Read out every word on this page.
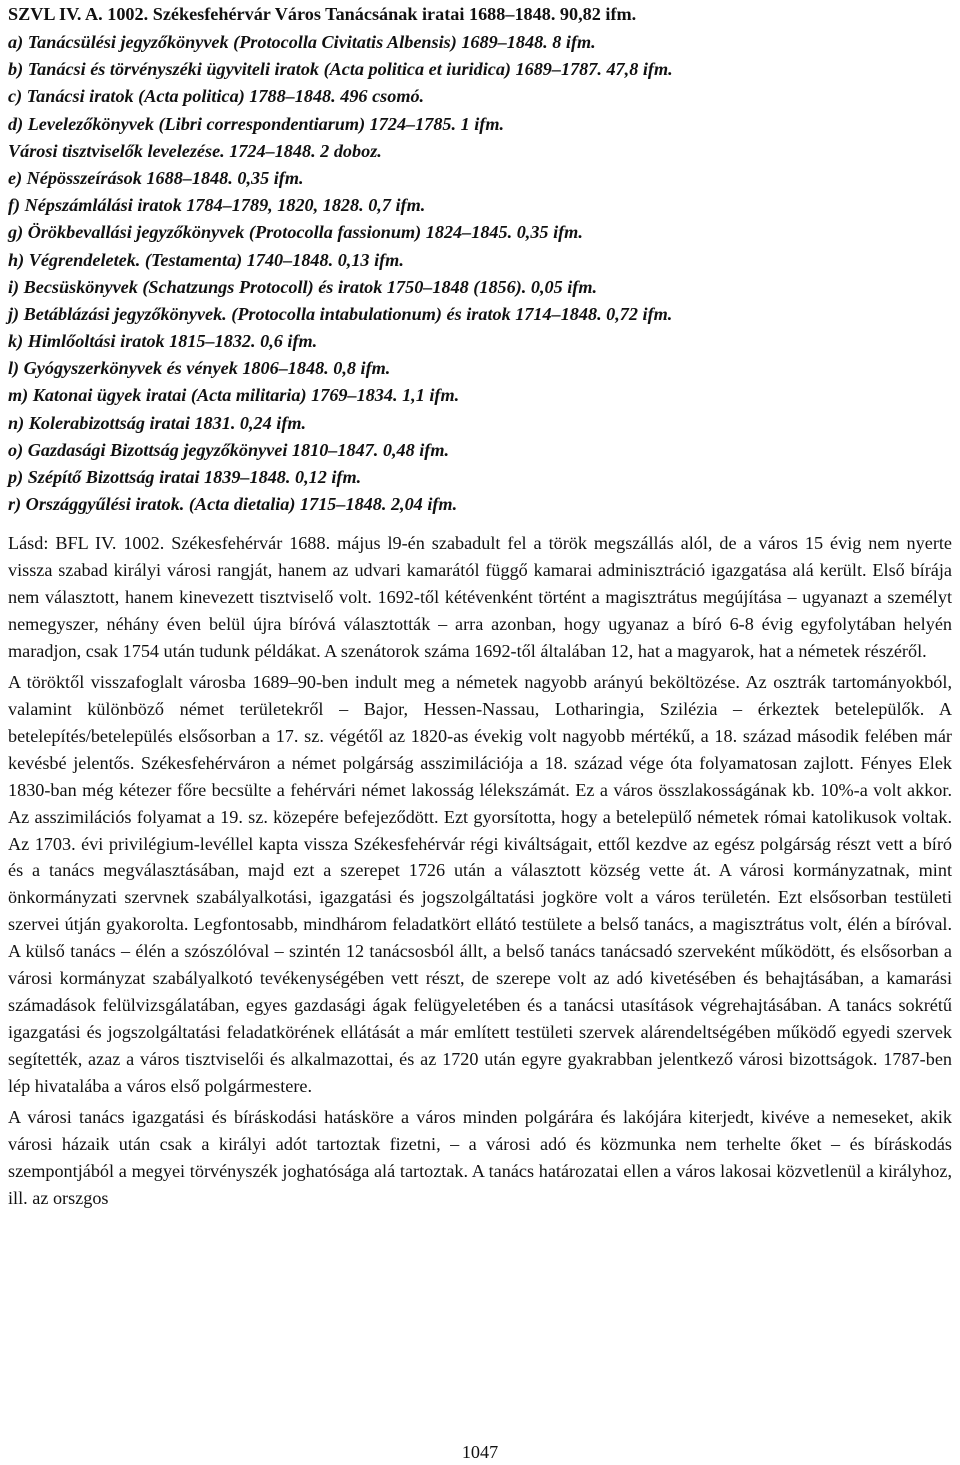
SZVL IV. A. 1002. Székesfehérvár Város Tanácsának iratai 1688–1848. 90,82 ifm.
a) Tanácsülési jegyzőkönyvek (Protocolla Civitatis Albensis) 1689–1848. 8 ifm.
b) Tanácsi és törvényszéki ügyviteli iratok (Acta politica et iuridica) 1689–1787. 47,8 ifm.
c) Tanácsi iratok (Acta politica) 1788–1848. 496 csomó.
d) Levelezőkönyvek (Libri correspondentiarum) 1724–1785. 1 ifm.
Városi tisztviselők levelezése. 1724–1848. 2 doboz.
e) Népösszeírások 1688–1848. 0,35 ifm.
f) Népszámlálási iratok 1784–1789, 1820, 1828. 0,7 ifm.
g) Örökbevallási jegyzőkönyvek (Protocolla fassionum) 1824–1845. 0,35 ifm.
h) Végrendeletek. (Testamenta) 1740–1848. 0,13 ifm.
i) Becsüskönyvek (Schatzungs Protocoll) és iratok 1750–1848 (1856). 0,05 ifm.
j) Betáblázási jegyzőkönyvek. (Protocolla intabulationum) és iratok 1714–1848. 0,72 ifm.
k) Himlőoltási iratok 1815–1832. 0,6 ifm.
l) Gyógyszerkönyvek és vények 1806–1848. 0,8 ifm.
m) Katonai ügyek iratai (Acta militaria) 1769–1834. 1,1 ifm.
n) Kolerabizottság iratai 1831. 0,24 ifm.
o) Gazdasági Bizottság jegyzőkönyvei 1810–1847. 0,48 ifm.
p) Szépítő Bizottság iratai 1839–1848. 0,12 ifm.
r) Országgyűlési iratok. (Acta dietalia) 1715–1848. 2,04 ifm.

Lásd: BFL IV. 1002. Székesfehérvár 1688. május l9-én szabadult fel a török megszállás alól, de a város 15 évig nem nyerte vissza szabad királyi városi rangját, hanem az udvari kamarától függő kamarai adminisztráció igazgatása alá került. Első bírája nem választott, hanem kinevezett tisztviselő volt. 1692-től kétévenként történt a magisztrátus megújítása – ugyanazt a személyt nemegyszer, néhány éven belül újra bíróvá választották – arra azonban, hogy ugyanaz a bíró 6-8 évig egyfolytában helyén maradjon, csak 1754 után tudunk példákat. A szenátorok száma 1692-től általában 12, hat a magyarok, hat a németek részéről.

A töröktől visszafoglalt városba 1689–90-ben indult meg a németek nagyobb arányú beköltözése. Az osztrák tartományokból, valamint különböző német területekről – Bajor, Hessen-Nassau, Lotharingia, Szilézia – érkeztek betelepülők. A betelepítés/betelepülés elsősorban a 17. sz. végétől az 1820-as évekig volt nagyobb mértékű, a 18. század második felében már kevésbé jelentős. Székesfehérváron a német polgárság asszimilációja a 18. század vége óta folyamatosan zajlott. Fényes Elek 1830-ban még kétezer főre becsülte a fehérvári német lakosság lélekszámát. Ez a város összlakosságának kb. 10%-a volt akkor. Az asszimilációs folyamat a 19. sz. közepére befejeződött. Ezt gyorsította, hogy a betelepülő németek római katolikusok voltak. Az 1703. évi privilégium-levéllel kapta vissza Székesfehérvár régi kiváltságait, ettől kezdve az egész polgárság részt vett a bíró és a tanács megválasztásában, majd ezt a szerepet 1726 után a választott község vette át. A városi kormányzatnak, mint önkormányzati szervnek szabályalkotási, igazgatási és jogszolgáltatási jogköre volt a város területén. Ezt elsősorban testületi szervei útján gyakorolta. Legfontosabb, mindhárom feladatkört ellátó testülete a belső tanács, a magisztrátus volt, élén a bíróval. A külső tanács – élén a szószólóval – szintén 12 tanácsosból állt, a belső tanács tanácsadó szerveként működött, és elsősorban a városi kormányzat szabályalkotó tevékenységében vett részt, de szerepe volt az adó kivetésében és behajtásában, a kamarási számadások felülvizsgálatában, egyes gazdasági ágak felügyeletében és a tanácsi utasítások végrehajtásában. A tanács sokrétű igazgatási és jogszolgáltatási feladatkörének ellátását a már említett testületi szervek alárendeltségében működő egyedi szervek segítették, azaz a város tisztviselői és alkalmazottai, és az 1720 után egyre gyakrabban jelentkező városi bizottságok. 1787-ben lép hivatalába a város első polgármestere.

A városi tanács igazgatási és bíráskodási hatásköre a város minden polgárára és lakójára kiterjedt, kivéve a nemeseket, akik városi házaik után csak a királyi adót tartoztak fizetni, – a városi adó és közmunka nem terhelte őket – és bíráskodás szempontjából a megyei törvényszék joghatósága alá tartoztak. A tanács határozatai ellen a város lakosai közvetlenül a királyhoz, ill. az orszgos

1047
